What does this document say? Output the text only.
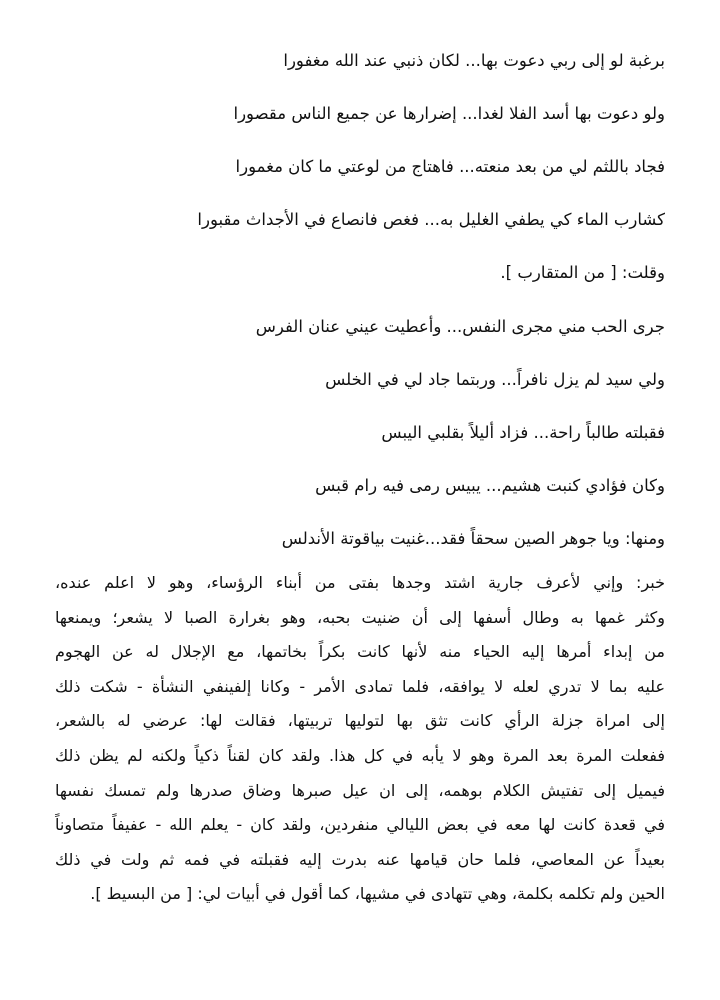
برغبة لو إلى ربي دعوت بها... لكان ذنبي عند الله مغفورا
ولو دعوت بها أسد الفلا لغدا... إضرارها عن جميع الناس مقصورا
فجاد باللثم لي من بعد منعته... فاهتاج من لوعتي ما كان مغمورا
كشارب الماء كي يطفي الغليل به... فغص فانصاع في الأجداث مقبورا
وقلت: [ من المتقارب ].
جرى الحب مني مجرى النفس... وأعطيت عيني عنان الفرس
ولي سيد لم يزل نافراً... وربتما جاد لي في الخلس
فقبلته طالباً راحة... فزاد أليلاً بقلبي اليبس
وكان فؤادي كنبت هشيم... يبيس رمى فيه رام قبس
ومنها: ويا جوهر الصين سحقاً فقد...غنيت بياقوتة الأندلس
خبر: وإني لأعرف جارية اشتد وجدها بفتى من أبناء الرؤساء، وهو لا اعلم عنده،
وكثر غمها به وطال أسفها إلى أن ضنيت بحبه، وهو بغرارة الصبا لا يشعر؛ ويمنعها
من إبداء أمرها إليه الحياء منه لأنها كانت بكراً بخاتمها، مع الإجلال له عن الهجوم
عليه بما لا تدري لعله لا يوافقه، فلما تمادى الأمر - وكانا إلفينفي النشأة - شكت ذلك
إلى امراة جزلة الرأي كانت تثق بها لتوليها تربيتها، فقالت لها: عرضي له بالشعر،
ففعلت المرة بعد المرة وهو لا يأبه في كل هذا. ولقد كان لقناً ذكياً ولكنه لم يظن ذلك
فيميل إلى تفتيش الكلام بوهمه، إلى ان عيل صبرها وضاق صدرها ولم تمسك نفسها
في قعدة كانت لها معه في بعض الليالي منفردين، ولقد كان - يعلم الله - عفيفاً متصاوناً
بعيداً عن المعاصي، فلما حان قيامها عنه بدرت إليه فقبلته في فمه ثم ولت في ذلك
الحين ولم تكلمه بكلمة، وهي تتهادى في مشيها، كما أقول في أبيات لي: [ من البسيط ].
